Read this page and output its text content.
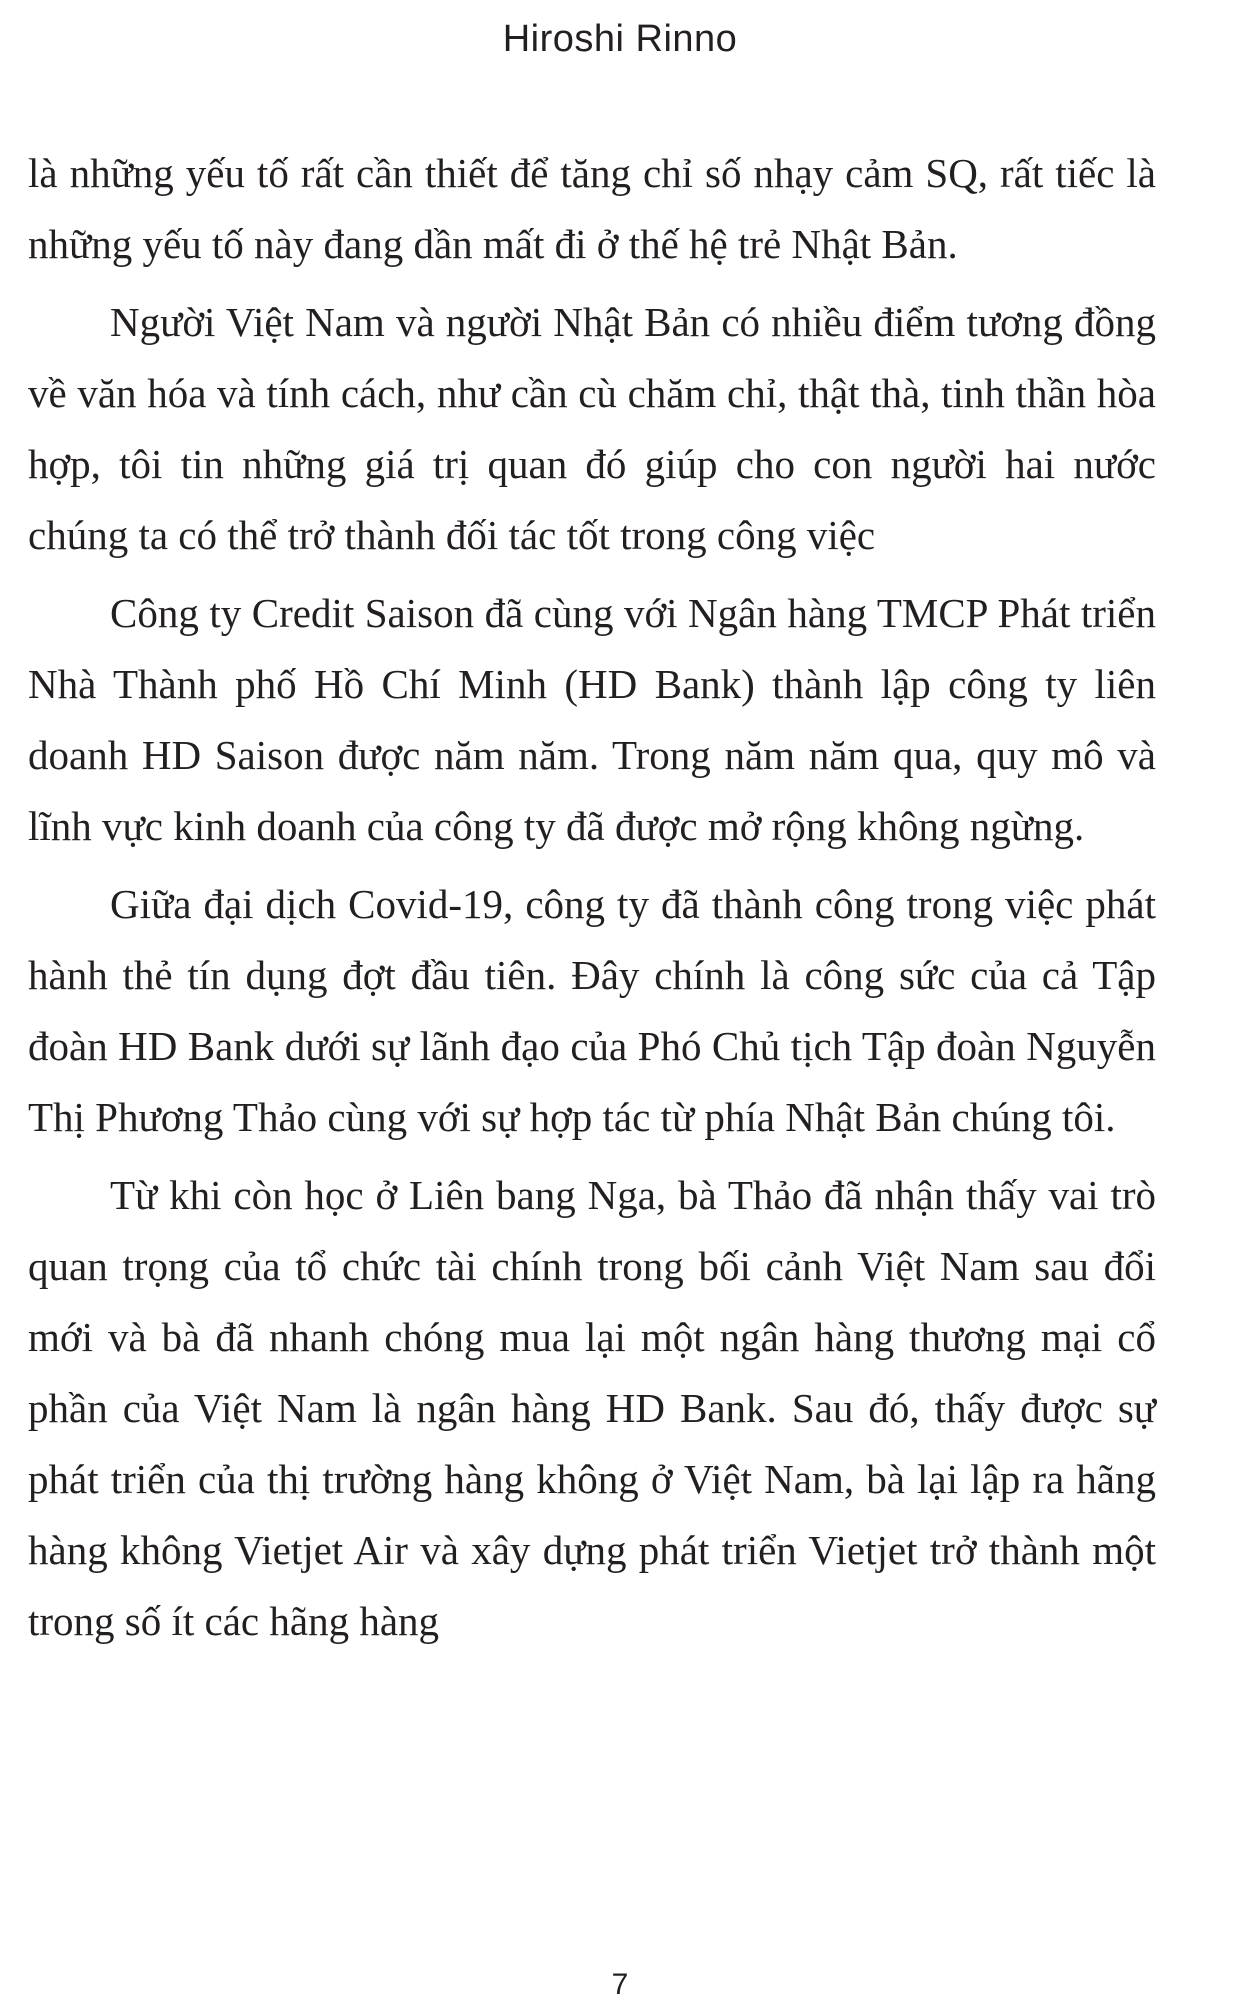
Hiroshi Rinno

là những yếu tố rất cần thiết để tăng chỉ số nhạy cảm SQ, rất tiếc là những yếu tố này đang dần mất đi ở thế hệ trẻ Nhật Bản.

Người Việt Nam và người Nhật Bản có nhiều điểm tương đồng về văn hóa và tính cách, như cần cù chăm chỉ, thật thà, tinh thần hòa hợp, tôi tin những giá trị quan đó giúp cho con người hai nước chúng ta có thể trở thành đối tác tốt trong công việc

Công ty Credit Saison đã cùng với Ngân hàng TMCP Phát triển Nhà Thành phố Hồ Chí Minh (HD Bank) thành lập công ty liên doanh HD Saison được năm năm. Trong năm năm qua, quy mô và lĩnh vực kinh doanh của công ty đã được mở rộng không ngừng.

Giữa đại dịch Covid-19, công ty đã thành công trong việc phát hành thẻ tín dụng đợt đầu tiên. Đây chính là công sức của cả Tập đoàn HD Bank dưới sự lãnh đạo của Phó Chủ tịch Tập đoàn Nguyễn Thị Phương Thảo cùng với sự hợp tác từ phía Nhật Bản chúng tôi.

Từ khi còn học ở Liên bang Nga, bà Thảo đã nhận thấy vai trò quan trọng của tổ chức tài chính trong bối cảnh Việt Nam sau đổi mới và bà đã nhanh chóng mua lại một ngân hàng thương mại cổ phần của Việt Nam là ngân hàng HD Bank. Sau đó, thấy được sự phát triển của thị trường hàng không ở Việt Nam, bà lại lập ra hãng hàng không Vietjet Air và xây dựng phát triển Vietjet trở thành một trong số ít các hãng hàng

7
